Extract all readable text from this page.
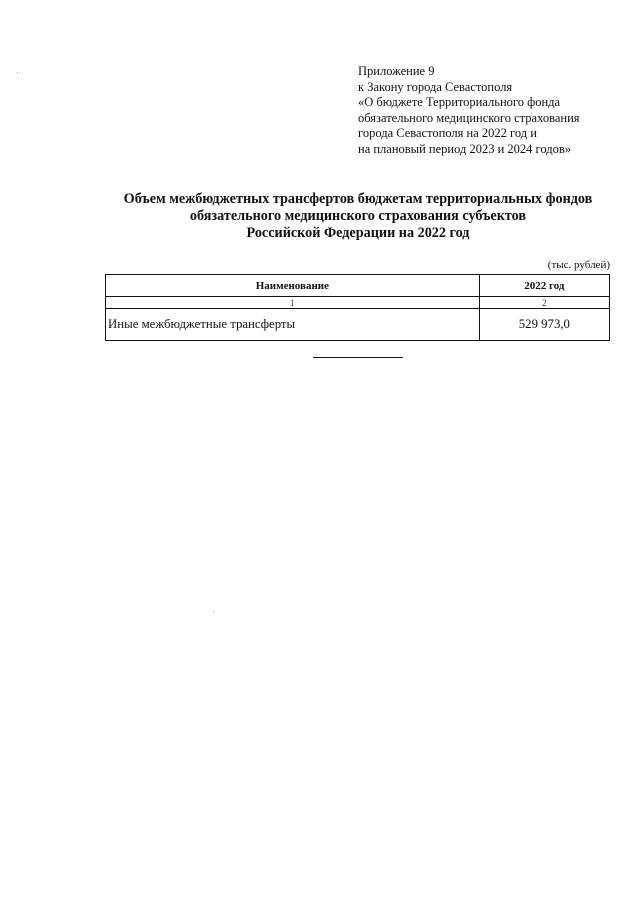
Приложение 9
к Закону города Севастополя
«О бюджете Территориального фонда
обязательного медицинского страхования
города Севастополя на 2022 год и
на плановый период 2023 и 2024 годов»
Объем межбюджетных трансфертов бюджетам территориальных фондов
обязательного медицинского страхования субъектов
Российской Федерации на 2022 год
(тыс. рублей)
Наименование	2022 год
1	2
Иные межбюджетные трансферты	529 973,0
